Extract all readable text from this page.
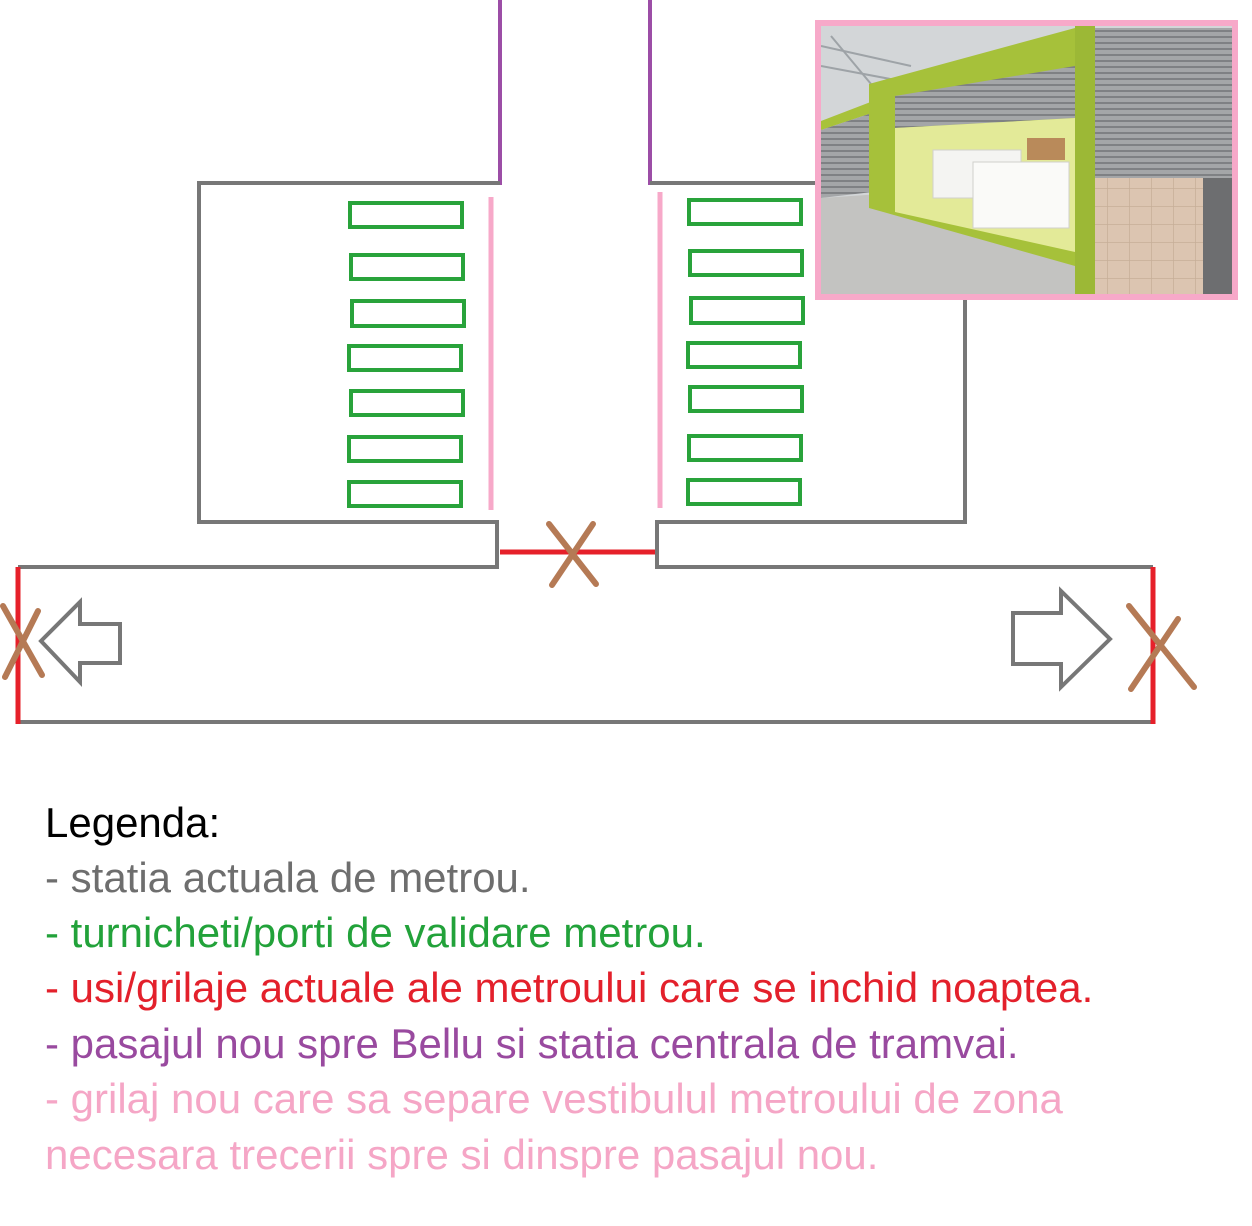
Legenda:
- statia actuala de metrou.
- turnicheti/porti de validare metrou.
- usi/grilaje actuale ale metroului care se inchid noaptea.
- pasajul nou spre Bellu si statia centrala de tramvai.
- grilaj nou care sa separe vestibulul metroului de zona
necesara trecerii spre si dinspre pasajul nou.
